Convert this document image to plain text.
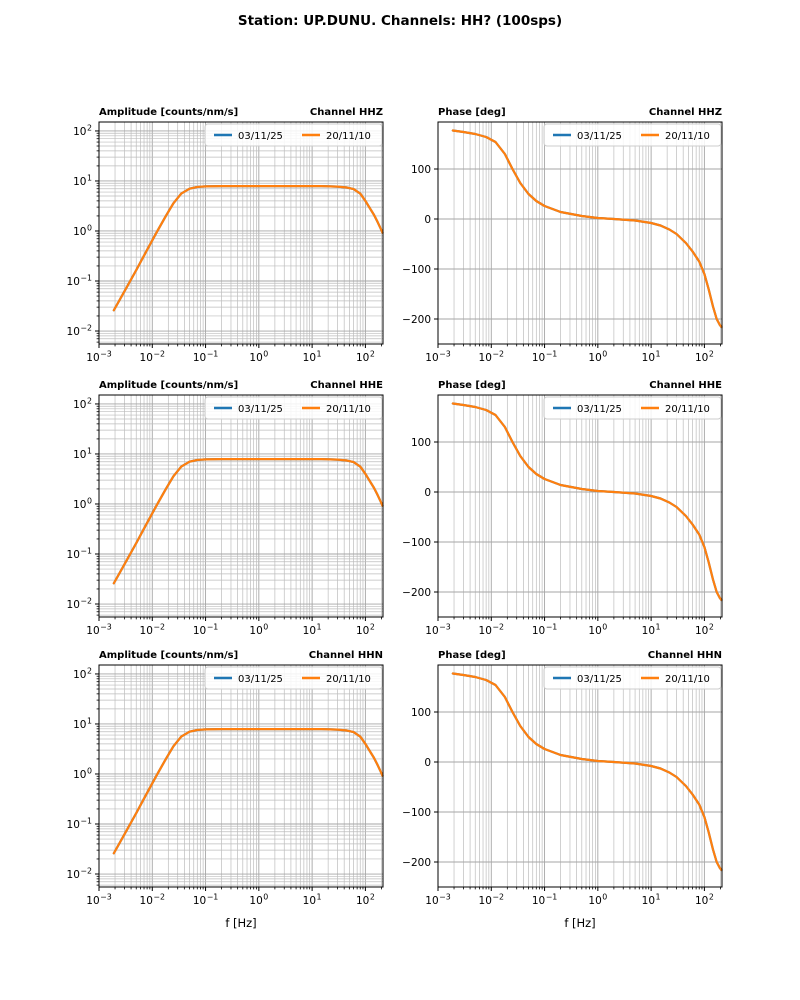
Station: UP.DUNU. Channels: HH? (100sps)
$10^{-3}$	$10^{-2}$	$10^{-1}$	$10^0$	$10^1$	$10^2$
$10^2$
$10^1$
$10^0$
$10^{-1}$
$10^{-2}$
Amplitude [counts/nm/s]	Channel HHZ
03/11/25	20/11/10
$10^{-3}$	$10^{-2}$	$10^{-1}$	$10^0$	$10^1$	$10^2$
100
0
−100
−200
Phase [deg]	Channel HHZ
03/11/25	20/11/10
$10^{-3}$	$10^{-2}$	$10^{-1}$	$10^0$	$10^1$	$10^2$
$10^2$
$10^1$
$10^0$
$10^{-1}$
$10^{-2}$
Amplitude [counts/nm/s]	Channel HHE
03/11/25	20/11/10
$10^{-3}$	$10^{-2}$	$10^{-1}$	$10^0$	$10^1$	$10^2$
100
0
−100
−200
Phase [deg]	Channel HHE
03/11/25	20/11/10
$10^{-3}$	$10^{-2}$	$10^{-1}$	$10^0$	$10^1$	$10^2$
$10^2$
$10^1$
$10^0$
$10^{-1}$
$10^{-2}$
Amplitude [counts/nm/s]	Channel HHN
f [Hz]
03/11/25	20/11/10
$10^{-3}$	$10^{-2}$	$10^{-1}$	$10^0$	$10^1$	$10^2$
100
0
−100
−200
Phase [deg]	Channel HHN
f [Hz]
03/11/25	20/11/10
